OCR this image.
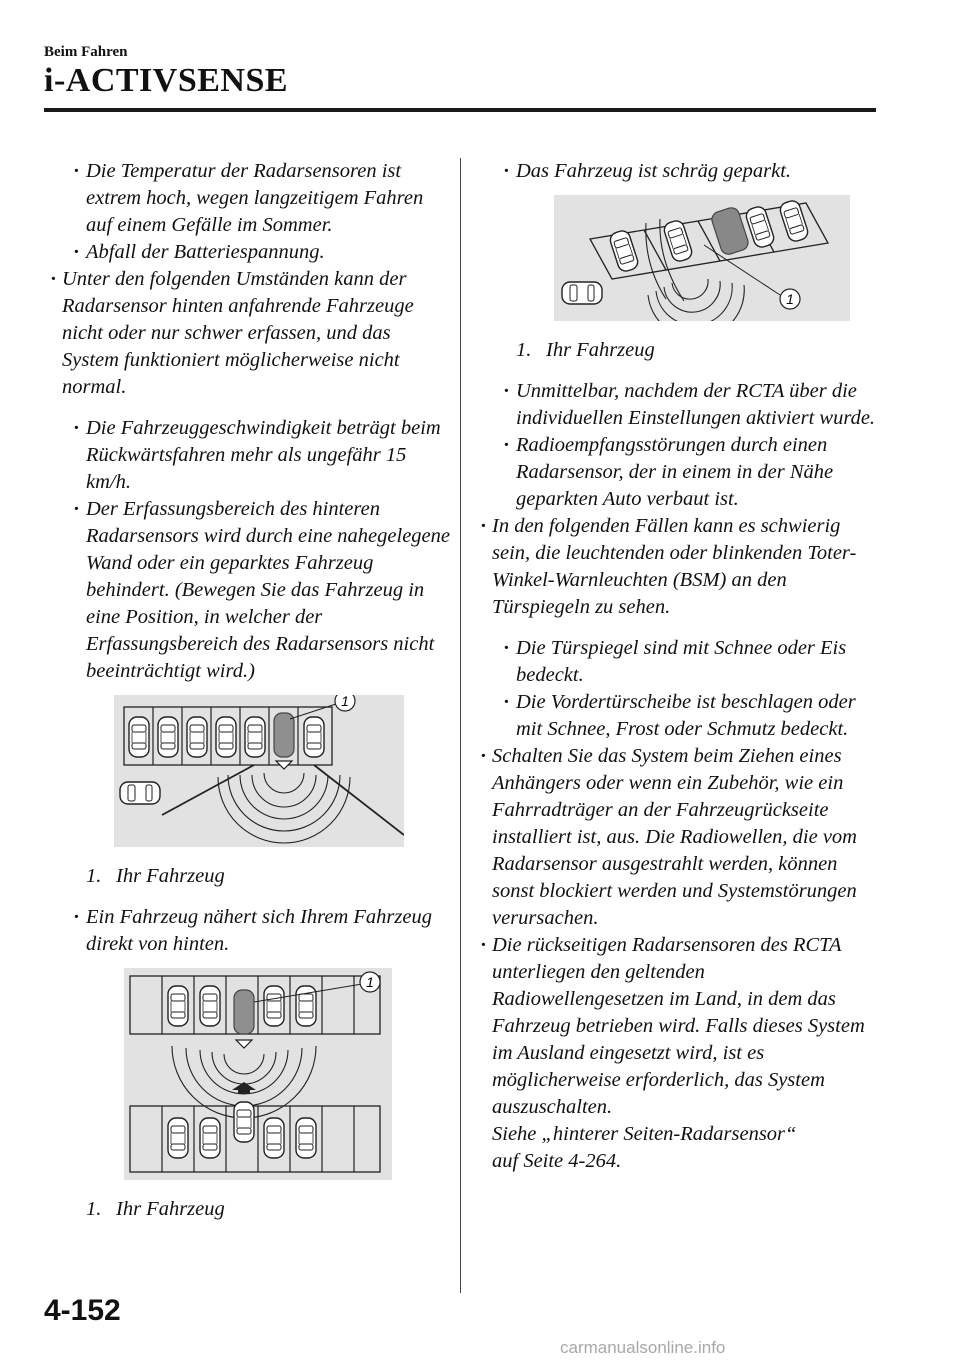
Beim Fahren
i-ACTIVSENSE
· Die Temperatur der Radarsensoren ist extrem hoch, wegen langzeitigem Fahren auf einem Gefälle im Sommer.
· Abfall der Batteriespannung.
· Unter den folgenden Umständen kann der Radarsensor hinten anfahrende Fahrzeuge nicht oder nur schwer erfassen, und das System funktioniert möglicherweise nicht normal.
· Die Fahrzeuggeschwindigkeit beträgt beim Rückwärtsfahren mehr als ungefähr 15 km/h.
· Der Erfassungsbereich des hinteren Radarsensors wird durch eine nahegelegene Wand oder ein geparktes Fahrzeug behindert. (Bewegen Sie das Fahrzeug in eine Position, in welcher der Erfassungsbereich des Radarsensors nicht beeinträchtigt wird.)
1
1. Ihr Fahrzeug
· Ein Fahrzeug nähert sich Ihrem Fahrzeug direkt von hinten.
1
1. Ihr Fahrzeug
· Das Fahrzeug ist schräg geparkt.
1
1. Ihr Fahrzeug
· Unmittelbar, nachdem der RCTA über die individuellen Einstellungen aktiviert wurde.
· Radioempfangsstörungen durch einen Radarsensor, der in einem in der Nähe geparkten Auto verbaut ist.
· In den folgenden Fällen kann es schwierig sein, die leuchtenden oder blinkenden Toter-Winkel-Warnleuchten (BSM) an den Türspiegeln zu sehen.
· Die Türspiegel sind mit Schnee oder Eis bedeckt.
· Die Vordertürscheibe ist beschlagen oder mit Schnee, Frost oder Schmutz bedeckt.
· Schalten Sie das System beim Ziehen eines Anhängers oder wenn ein Zubehör, wie ein Fahrradträger an der Fahrzeugrückseite installiert ist, aus. Die Radiowellen, die vom Radarsensor ausgestrahlt werden, können sonst blockiert werden und Systemstörungen verursachen.
· Die rückseitigen Radarsensoren des RCTA unterliegen den geltenden Radiowellengesetzen im Land, in dem das Fahrzeug betrieben wird. Falls dieses System im Ausland eingesetzt wird, ist es möglicherweise erforderlich, das System auszuschalten.
Siehe „hinterer Seiten-Radarsensor“
auf Seite 4-264.
4-152
carmanualsonline.info
